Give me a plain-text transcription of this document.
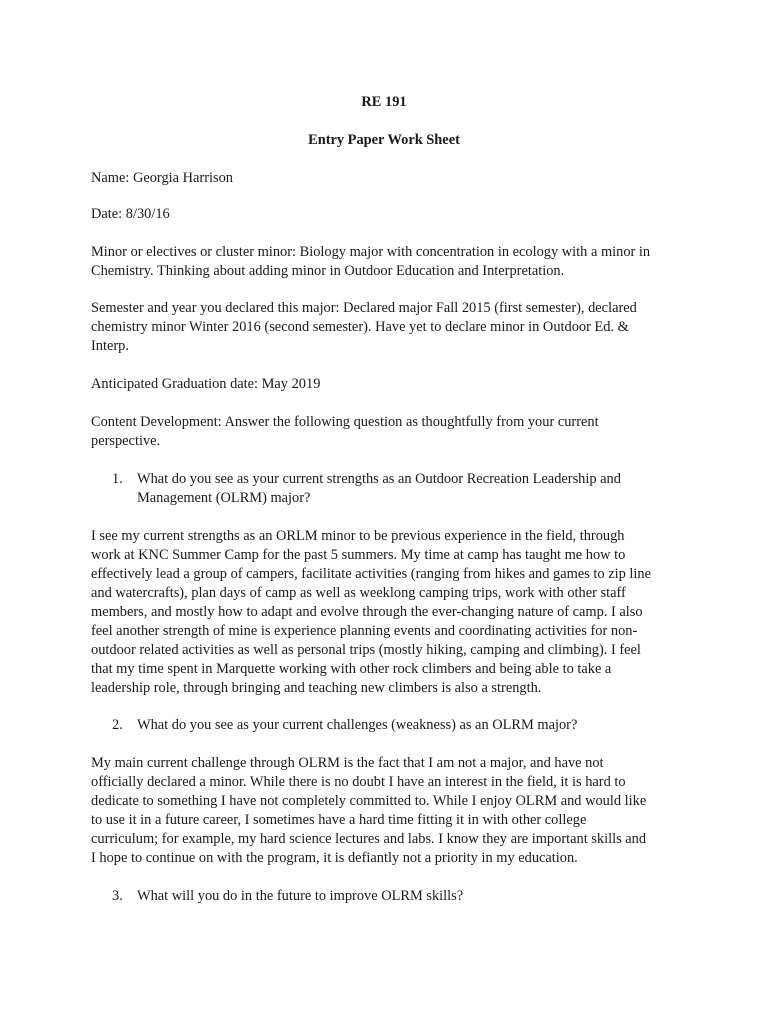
RE 191
Entry Paper Work Sheet
Name: Georgia Harrison
Date: 8/30/16
Minor or electives or cluster minor: Biology major with concentration in ecology with a minor in
Chemistry. Thinking about adding minor in Outdoor Education and Interpretation.
Semester and year you declared this major: Declared major Fall 2015 (first semester), declared
chemistry minor Winter 2016 (second semester). Have yet to declare minor in Outdoor Ed. &
Interp.
Anticipated Graduation date: May 2019
Content Development: Answer the following question as thoughtfully from your current
perspective.
1. What do you see as your current strengths as an Outdoor Recreation Leadership and
Management (OLRM) major?
I see my current strengths as an ORLM minor to be previous experience in the field, through
work at KNC Summer Camp for the past 5 summers. My time at camp has taught me how to
effectively lead a group of campers, facilitate activities (ranging from hikes and games to zip line
and watercrafts), plan days of camp as well as weeklong camping trips, work with other staff
members, and mostly how to adapt and evolve through the ever-changing nature of camp. I also
feel another strength of mine is experience planning events and coordinating activities for non-
outdoor related activities as well as personal trips (mostly hiking, camping and climbing). I feel
that my time spent in Marquette working with other rock climbers and being able to take a
leadership role, through bringing and teaching new climbers is also a strength.
2. What do you see as your current challenges (weakness) as an OLRM major?
My main current challenge through OLRM is the fact that I am not a major, and have not
officially declared a minor. While there is no doubt I have an interest in the field, it is hard to
dedicate to something I have not completely committed to. While I enjoy OLRM and would like
to use it in a future career, I sometimes have a hard time fitting it in with other college
curriculum; for example, my hard science lectures and labs. I know they are important skills and
I hope to continue on with the program, it is defiantly not a priority in my education.
3. What will you do in the future to improve OLRM skills?
